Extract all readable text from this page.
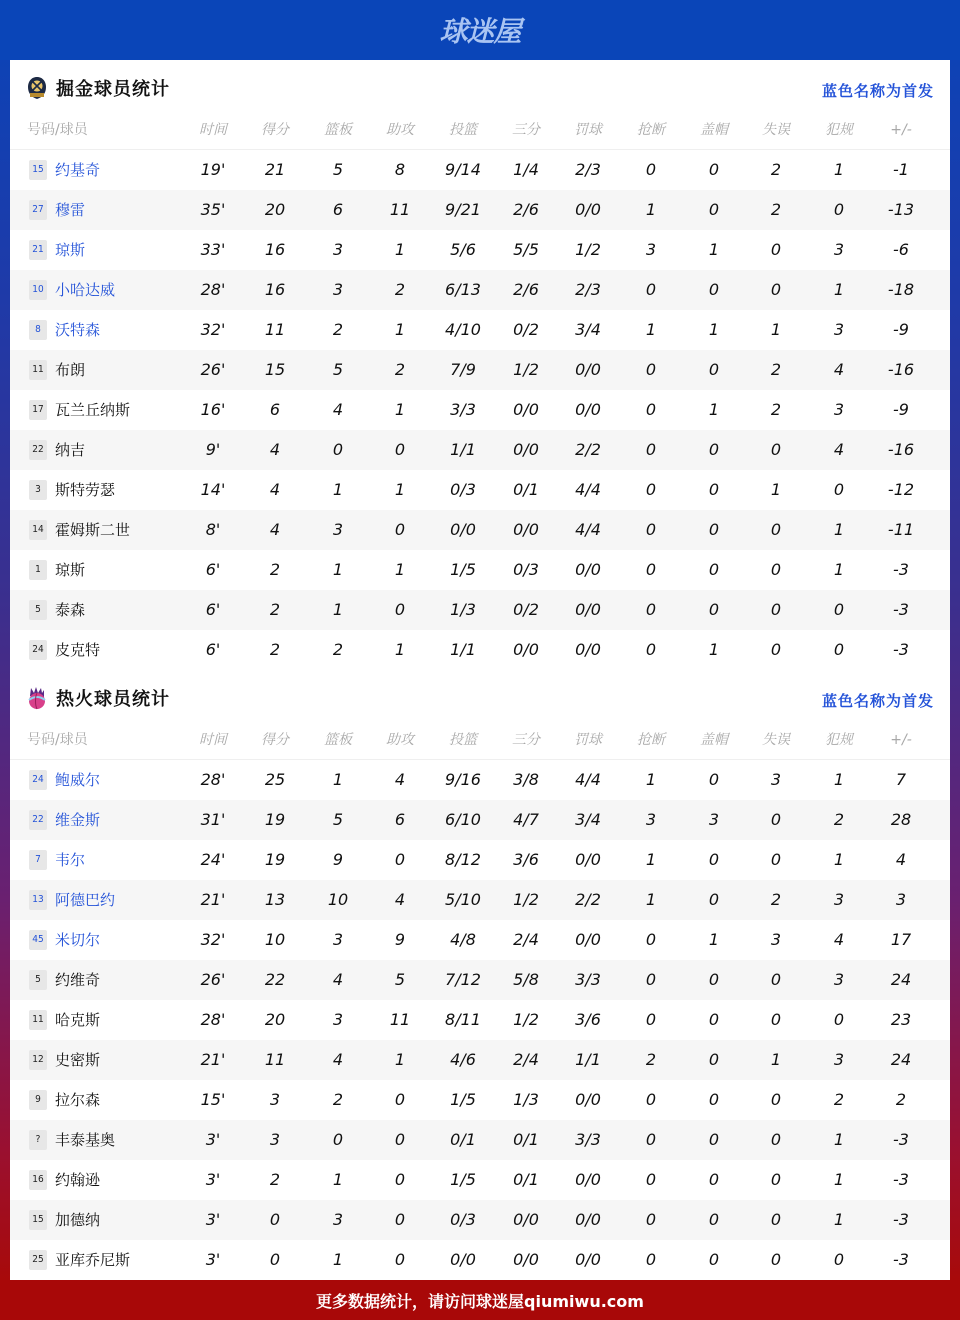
球迷屋
掘金球员统计	蓝色名称为首发
号码/球员	时间	得分	篮板	助攻	投篮	三分	罚球	抢断	盖帽	失误	犯规	+/-
15 约基奇	19'	21	5	8	9/14	1/4	2/3	0	0	2	1	-1
27 穆雷	35'	20	6	11	9/21	2/6	0/0	1	0	2	0	-13
21 琼斯	33'	16	3	1	5/6	5/5	1/2	3	1	0	3	-6
10 小哈达威	28'	16	3	2	6/13	2/6	2/3	0	0	0	1	-18
8 沃特森	32'	11	2	1	4/10	0/2	3/4	1	1	1	3	-9
11 布朗	26'	15	5	2	7/9	1/2	0/0	0	0	2	4	-16
17 瓦兰丘纳斯	16'	6	4	1	3/3	0/0	0/0	0	1	2	3	-9
22 纳吉	9'	4	0	0	1/1	0/0	2/2	0	0	0	4	-16
3 斯特劳瑟	14'	4	1	1	0/3	0/1	4/4	0	0	1	0	-12
14 霍姆斯二世	8'	4	3	0	0/0	0/0	4/4	0	0	0	1	-11
1 琼斯	6'	2	1	1	1/5	0/3	0/0	0	0	0	1	-3
5 泰森	6'	2	1	0	1/3	0/2	0/0	0	0	0	0	-3
24 皮克特	6'	2	2	1	1/1	0/0	0/0	0	1	0	0	-3
热火球员统计	蓝色名称为首发
号码/球员	时间	得分	篮板	助攻	投篮	三分	罚球	抢断	盖帽	失误	犯规	+/-
24 鲍威尔	28'	25	1	4	9/16	3/8	4/4	1	0	3	1	7
22 维金斯	31'	19	5	6	6/10	4/7	3/4	3	3	0	2	28
7 韦尔	24'	19	9	0	8/12	3/6	0/0	1	0	0	1	4
13 阿德巴约	21'	13	10	4	5/10	1/2	2/2	1	0	2	3	3
45 米切尔	32'	10	3	9	4/8	2/4	0/0	0	1	3	4	17
5 约维奇	26'	22	4	5	7/12	5/8	3/3	0	0	0	3	24
11 哈克斯	28'	20	3	11	8/11	1/2	3/6	0	0	0	0	23
12 史密斯	21'	11	4	1	4/6	2/4	1/1	2	0	1	3	24
9 拉尔森	15'	3	2	0	1/5	1/3	0/0	0	0	0	2	2
? 丰泰基奥	3'	3	0	0	0/1	0/1	3/3	0	0	0	1	-3
16 约翰逊	3'	2	1	0	1/5	0/1	0/0	0	0	0	1	-3
15 加德纳	3'	0	3	0	0/3	0/0	0/0	0	0	0	1	-3
25 亚库乔尼斯	3'	0	1	0	0/0	0/0	0/0	0	0	0	0	-3
更多数据统计，请访问球迷屋qiumiwu.com
